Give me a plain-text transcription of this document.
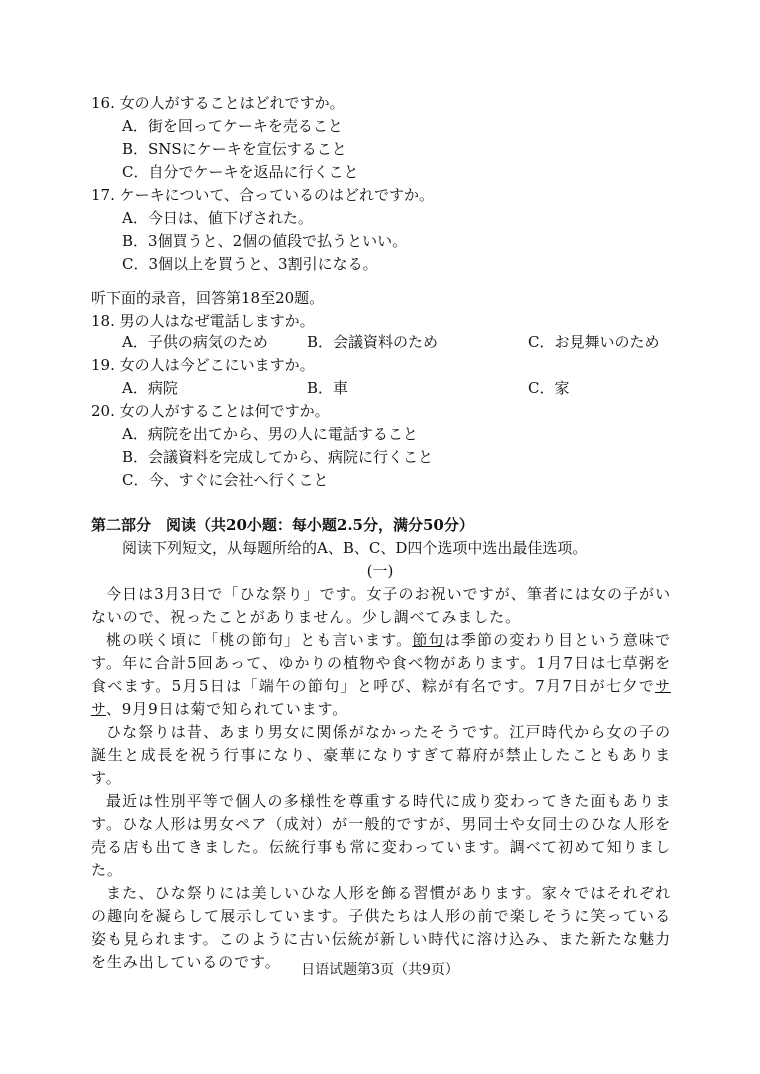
16. 女の人がすることはどれですか。
A．街を回ってケーキを売ること
B．SNSにケーキを宣伝すること
C．自分でケーキを返品に行くこと
17. ケーキについて、合っているのはどれですか。
A．今日は、値下げされた。
B．3個買うと、2個の値段で払うといい。
C．3個以上を買うと、3割引になる。
听下面的录音，回答第18至20题。
18. 男の人はなぜ電話しますか。
A．子供の病気のため	B．会議資料のため	C．お見舞いのため
19. 女の人は今どこにいますか。
A．病院	B．車	C．家
20. 女の人がすることは何ですか。
A．病院を出てから、男の人に電話すること
B．会議資料を完成してから、病院に行くこと
C．今、すぐに会社へ行くこと
第二部分　阅读（共20小题：每小题2.5分，满分50分）
阅读下列短文，从每题所给的A、B、C、D四个选项中选出最佳选项。
(一)

今日は3月3日で「ひな祭り」です。女子のお祝いですが、筆者には女の子がいないので、祝ったことがありません。少し調べてみました。

桃の咲く頃に「桃の節句」とも言います。節句は季節の変わり目という意味です。年に合計5回あって、ゆかりの植物や食べ物があります。1月7日は七草粥を食べます。5月5日は「端午の節句」と呼び、粽が有名です。7月7日が七夕でササ、9月9日は菊で知られています。

ひな祭りは昔、あまり男女に関係がなかったそうです。江戸時代から女の子の誕生と成長を祝う行事になり、豪華になりすぎて幕府が禁止したこともあります。

最近は性別平等で個人の多様性を尊重する時代に成り変わってきた面もあります。ひな人形は男女ペア（成対）が一般的ですが、男同士や女同士のひな人形を売る店も出てきました。伝統行事も常に変わっています。調べて初めて知りました。

また、ひな祭りには美しいひな人形を飾る習慣があります。家々ではそれぞれの趣向を凝らして展示しています。子供たちは人形の前で楽しそうに笑っている姿も見られます。このように古い伝統が新しい時代に溶け込み、また新たな魅力を生み出しているのです。	日语试题第3页（共9页）
